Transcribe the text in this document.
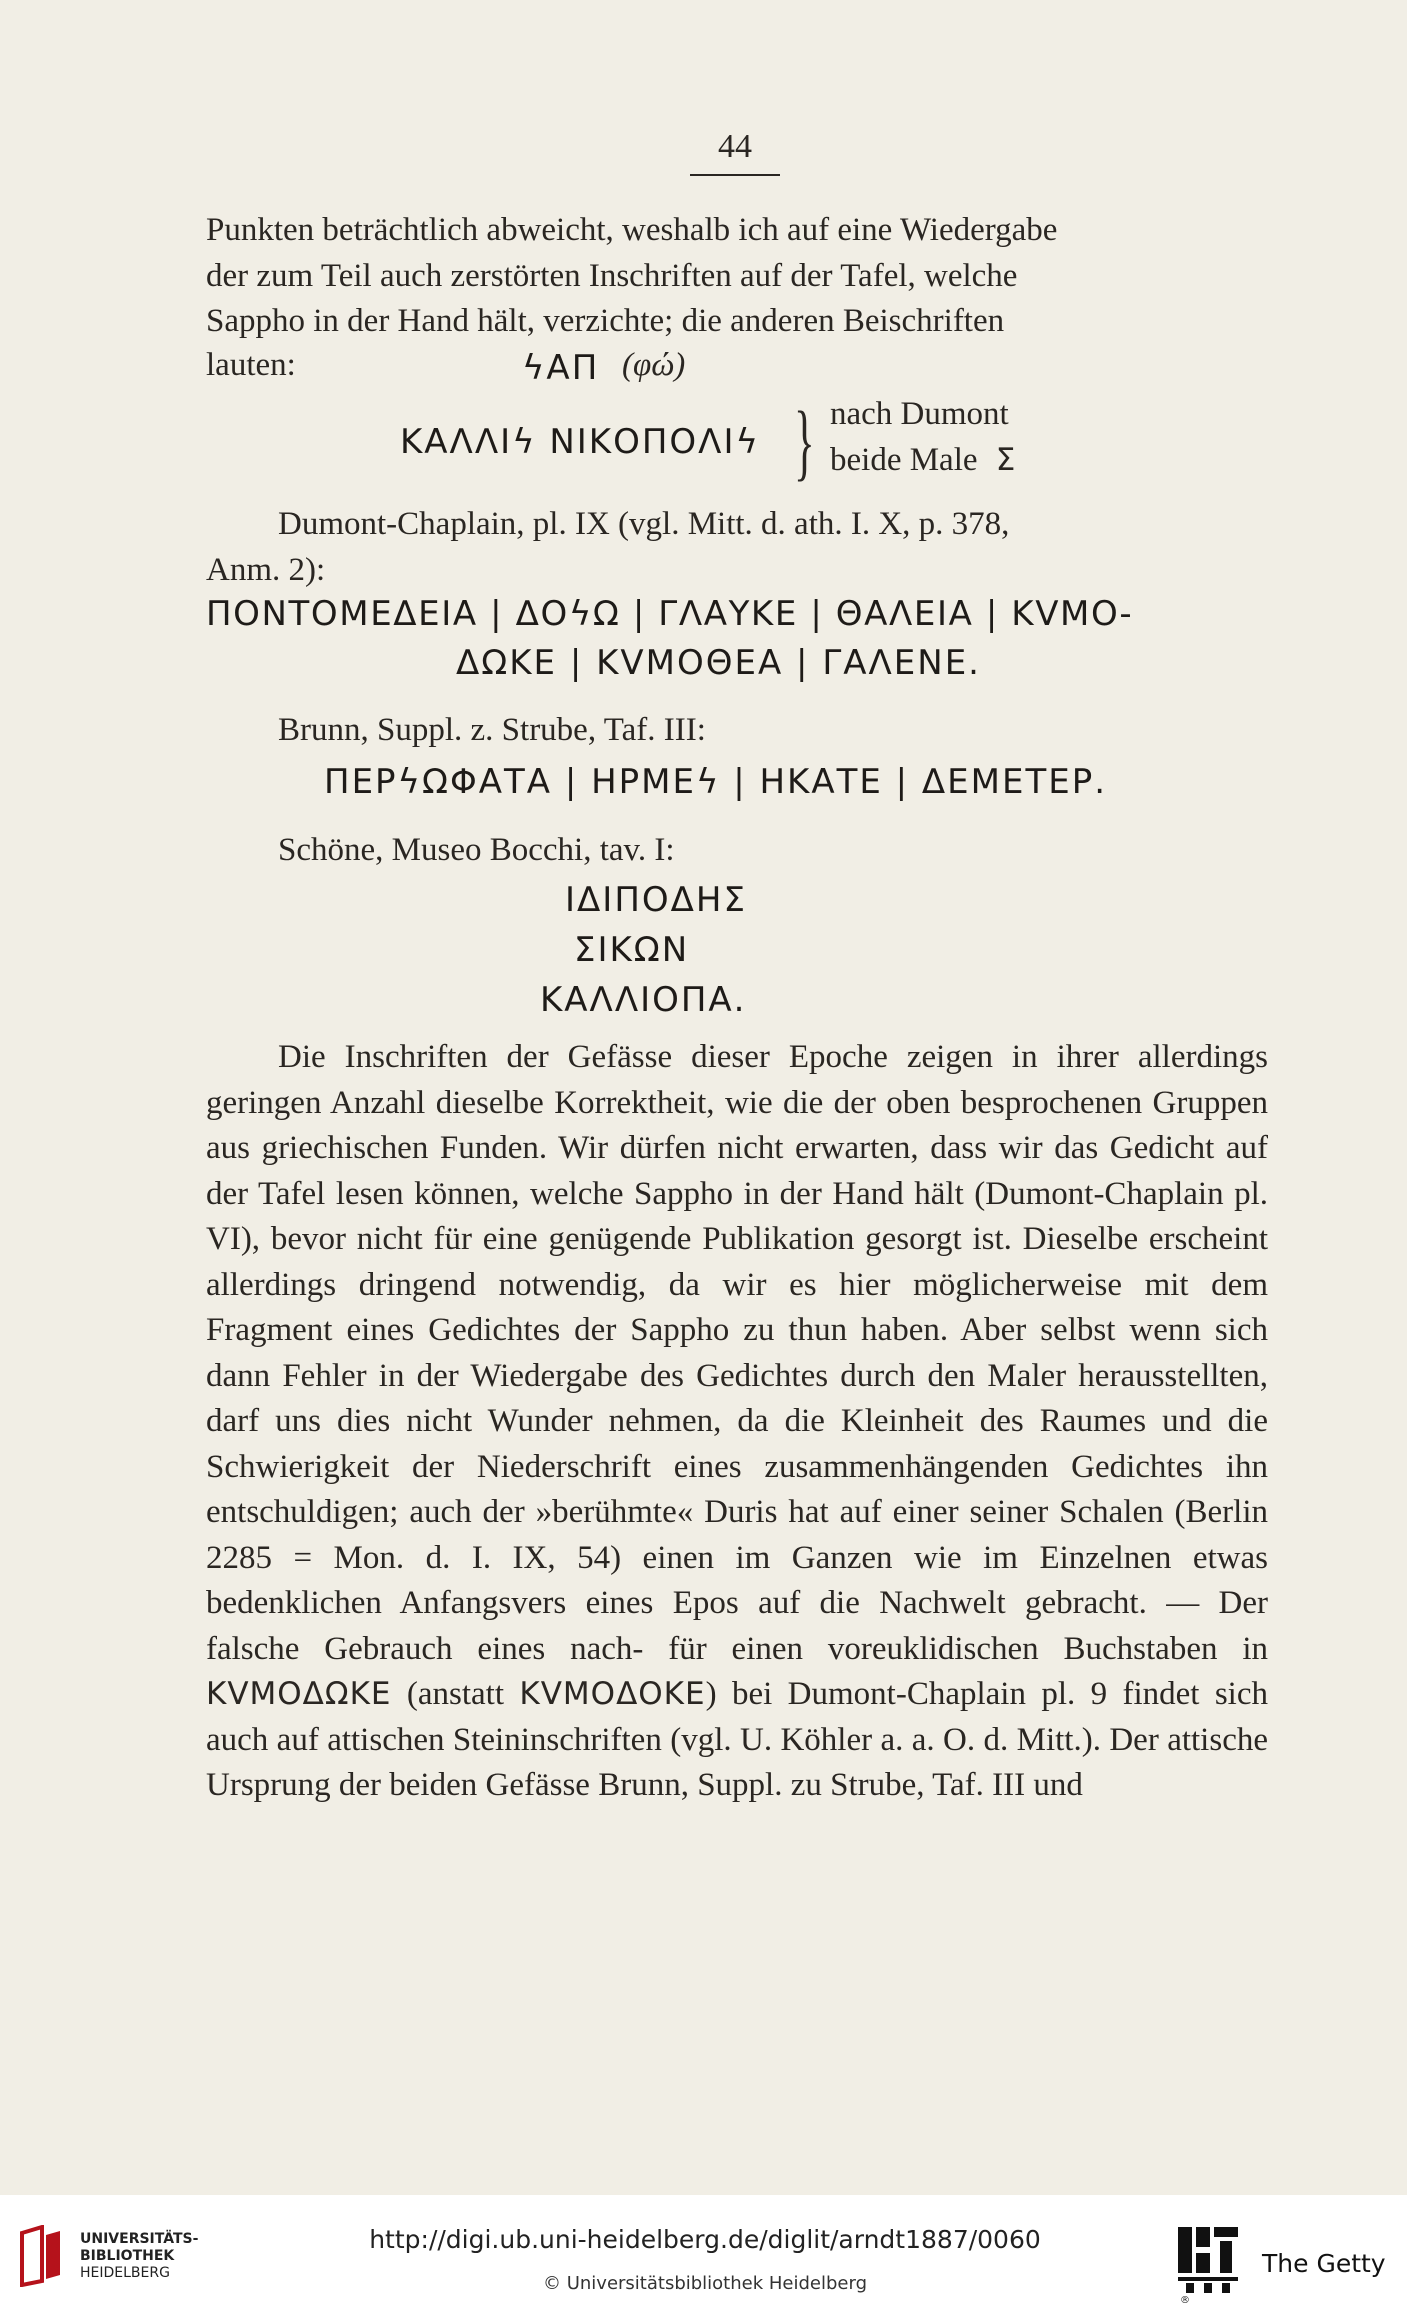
44

Punkten beträchtlich abweicht, weshalb ich auf eine Wiedergabe

der zum Teil auch zerstörten Inschriften auf der Tafel, welche

Sappho in der Hand hält, verzichte; die anderen Beischriften

lauten:	ϟΑΠ (φώ)
ΚΑΛΛΙϟ ΝΙΚΟΠΟΛΙϟ } nach Dumont
beide Male Σ

Dumont-Chaplain, pl. IX (vgl. Mitt. d. ath. I. X, p. 378,

Anm. 2):

ΠΟΝΤΟΜΕΔΕΙΑ | ΔΟϟΩ | ΓΛΑΥΚΕ | ΘΑΛΕΙΑ | ΚVΜΟ-
ΔΩΚΕ | ΚVΜΟΘΕΑ | ΓΑΛΕΝΕ.
Brunn, Suppl. z. Strube, Taf. III:
ΠΕΡϟΩΦΑΤΑ | ΗΡΜΕϟ | ΗΚΑΤΕ | ΔΕΜΕΤΕΡ.
Schöne, Museo Bocchi, tav. I:
ΙΔΙΠΟΔΗΣ
ΣΙΚΩΝ
ΚΑΛΛΙΟΠΑ.
Die Inschriften der Gefässe dieser Epoche zeigen in ihrer allerdings geringen Anzahl dieselbe Korrektheit, wie die der oben besprochenen Gruppen aus griechischen Funden. Wir dürfen nicht erwarten, dass wir das Gedicht auf der Tafel lesen können, welche Sappho in der Hand hält (Dumont-Chaplain pl. VI), bevor nicht für eine genügende Publikation gesorgt ist. Dieselbe erscheint allerdings dringend notwendig, da wir es hier möglicherweise mit dem Fragment eines Gedichtes der Sappho zu thun haben. Aber selbst wenn sich dann Fehler in der Wiedergabe des Gedichtes durch den Maler herausstellten, darf uns dies nicht Wunder nehmen, da die Kleinheit des Raumes und die Schwierigkeit der Niederschrift eines zusammenhängenden Gedichtes ihn entschuldigen; auch der »berühmte« Duris hat auf einer seiner Schalen (Berlin 2285 = Mon. d. I. IX, 54) einen im Ganzen wie im Einzelnen etwas bedenklichen Anfangsvers eines Epos auf die Nachwelt gebracht. — Der falsche Gebrauch eines nach- für einen voreuklidischen Buchstaben in ΚVΜΟΔΩΚΕ (anstatt ΚVΜΟΔΟΚΕ) bei Dumont-Chaplain pl. 9 findet sich auch auf attischen Steininschriften (vgl. U. Köhler a. a. O. d. Mitt.). Der attische Ursprung der beiden Gefässe Brunn, Suppl. zu Strube, Taf. III und
UNIVERSITÄTS-
BIBLIOTHEK
HEIDELBERG
http://digi.ub.uni-heidelberg.de/diglit/arndt1887/0060
© Universitätsbibliothek Heidelberg
The Getty
®
